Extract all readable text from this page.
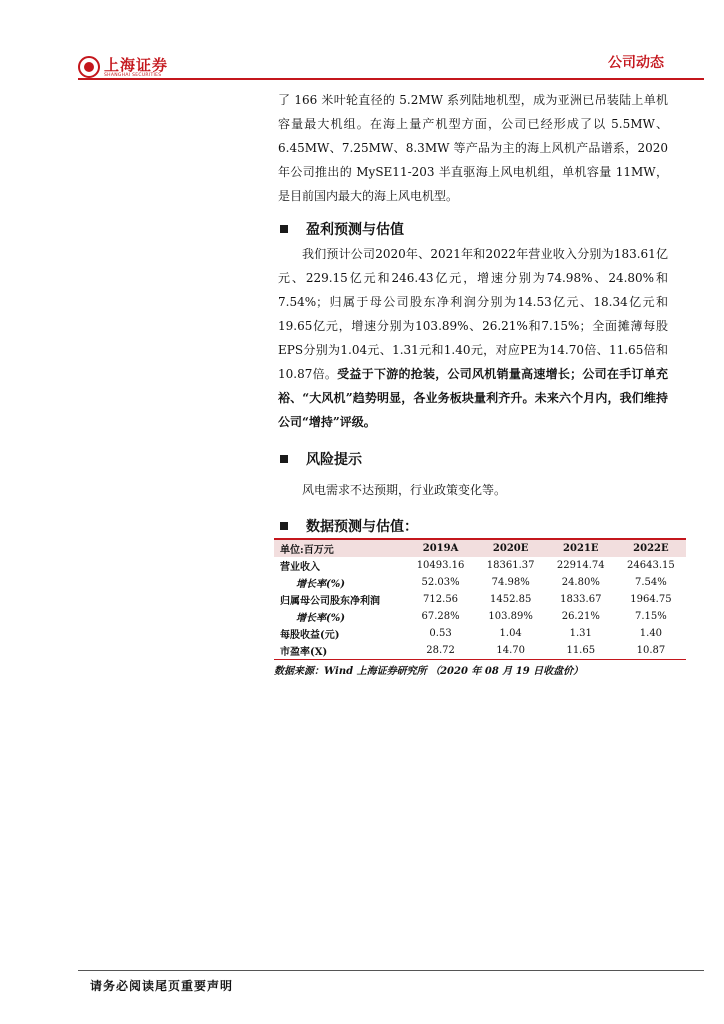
上海证券
SHANGHAI SECURITIES
公司动态

了 166 米叶轮直径的 5.2MW 系列陆地机型，成为亚洲已吊装陆上单机容量最大机组。在海上量产机型方面，公司已经形成了以 5.5MW、6.45MW、7.25MW、8.3MW 等产品为主的海上风机产品谱系，2020 年公司推出的 MySE11-203 半直驱海上风电机组，单机容量 11MW，是目前国内最大的海上风电机型。

盈利预测与估值

我们预计公司2020年、2021年和2022年营业收入分别为183.61亿元、229.15亿元和246.43亿元，增速分别为74.98%、24.80%和7.54%；归属于母公司股东净利润分别为14.53亿元、18.34亿元和19.65亿元，增速分别为103.89%、26.21%和7.15%；全面摊薄每股EPS分别为1.04元、1.31元和1.40元，对应PE为14.70倍、11.65倍和10.87倍。受益于下游的抢装，公司风机销量高速增长；公司在手订单充裕、“大风机”趋势明显，各业务板块量利齐升。未来六个月内，我们维持公司“增持”评级。

风险提示

风电需求不达预期，行业政策变化等。

数据预测与估值：
单位:百万元	2019A	2020E	2021E	2022E
营业收入	10493.16	18361.37	22914.74	24643.15
增长率(%)	52.03%	74.98%	24.80%	7.54%
归属母公司股东净利润	712.56	1452.85	1833.67	1964.75
增长率(%)	67.28%	103.89%	26.21%	7.15%
每股收益(元)	0.53	1.04	1.31	1.40
市盈率(X)	28.72	14.70	11.65	10.87
数据来源：Wind 上海证券研究所 （2020 年 08 月 19 日收盘价）
请务必阅读尾页重要声明
